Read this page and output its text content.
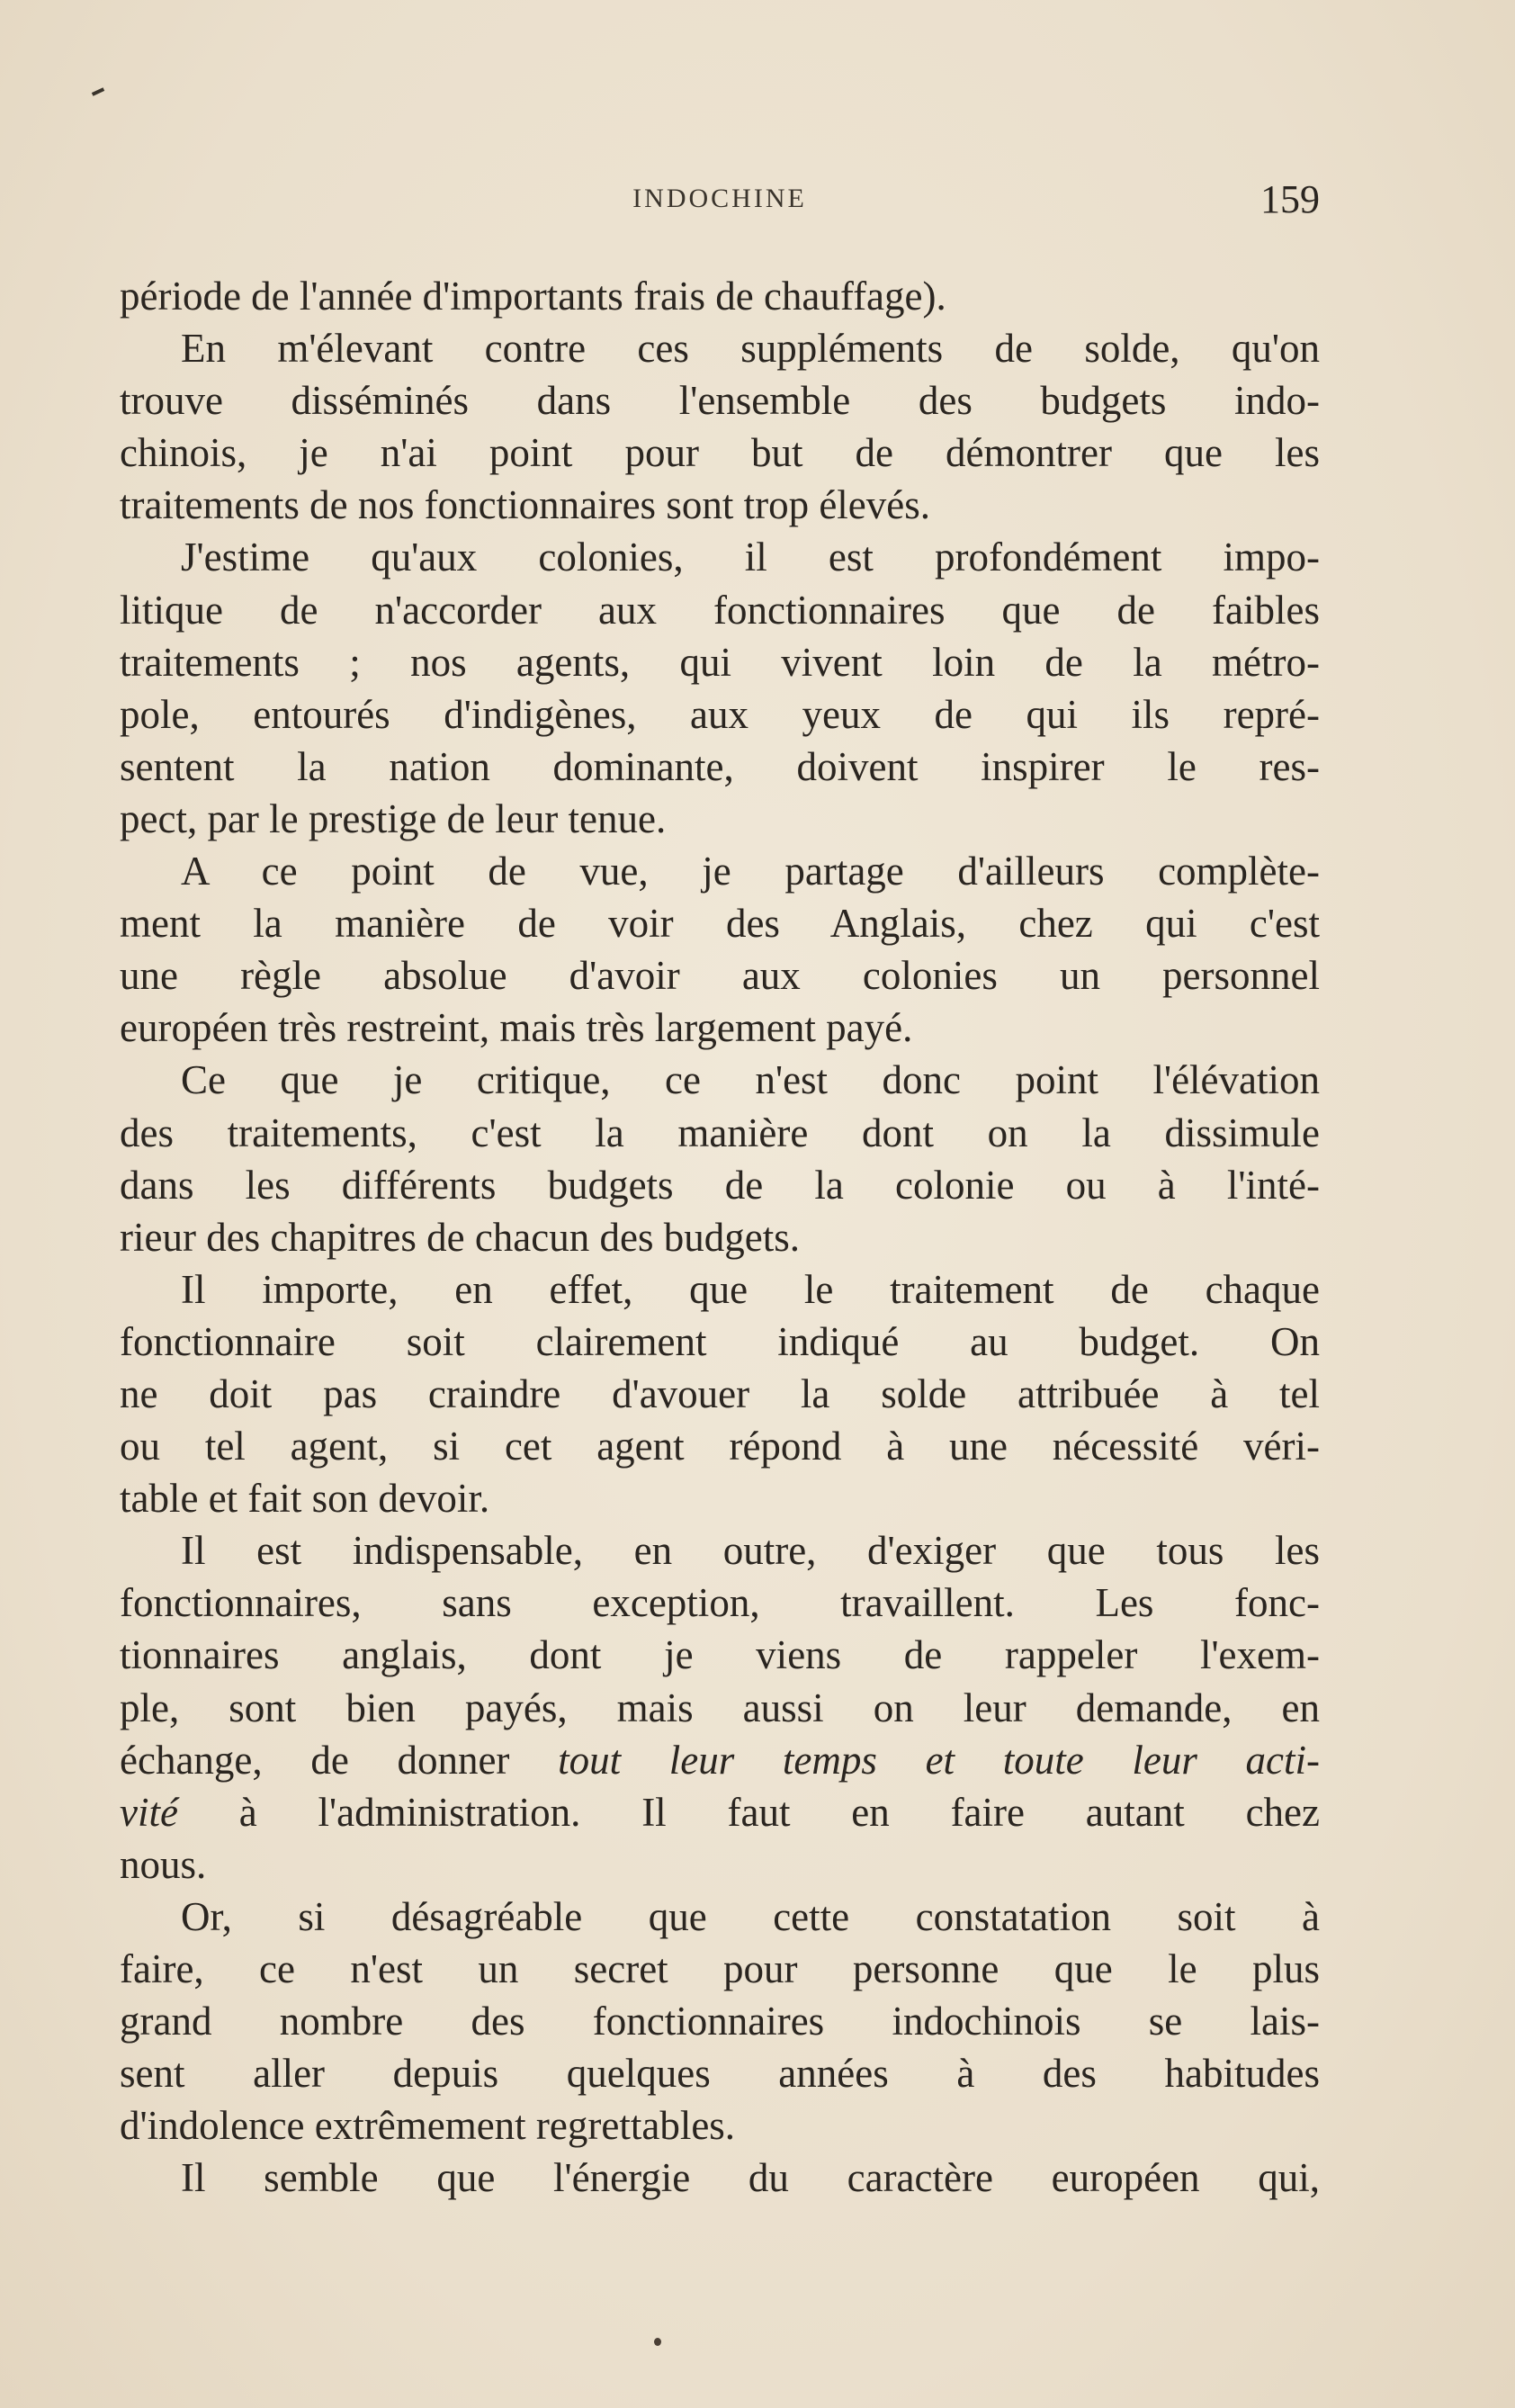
INDOCHINE	159
période de l'année d'importants frais de chauffage).
En m'élevant contre ces suppléments de solde, qu'on
trouve disséminés dans l'ensemble des budgets indo-
chinois, je n'ai point pour but de démontrer que les
traitements de nos fonctionnaires sont trop élevés.
J'estime qu'aux colonies, il est profondément impo-
litique de n'accorder aux fonctionnaires que de faibles
traitements ; nos agents, qui vivent loin de la métro-
pole, entourés d'indigènes, aux yeux de qui ils repré-
sentent la nation dominante, doivent inspirer le res-
pect, par le prestige de leur tenue.
A ce point de vue, je partage d'ailleurs complète-
ment la manière de voir des Anglais, chez qui c'est
une règle absolue d'avoir aux colonies un personnel
européen très restreint, mais très largement payé.
Ce que je critique, ce n'est donc point l'élévation
des traitements, c'est la manière dont on la dissimule
dans les différents budgets de la colonie ou à l'inté-
rieur des chapitres de chacun des budgets.
Il importe, en effet, que le traitement de chaque
fonctionnaire soit clairement indiqué au budget. On
ne doit pas craindre d'avouer la solde attribuée à tel
ou tel agent, si cet agent répond à une nécessité véri-
table et fait son devoir.
Il est indispensable, en outre, d'exiger que tous les
fonctionnaires, sans exception, travaillent. Les fonc-
tionnaires anglais, dont je viens de rappeler l'exem-
ple, sont bien payés, mais aussi on leur demande, en
échange, de donner tout leur temps et toute leur acti-
vité à l'administration. Il faut en faire autant chez
nous.
Or, si désagréable que cette constatation soit à
faire, ce n'est un secret pour personne que le plus
grand nombre des fonctionnaires indochinois se lais-
sent aller depuis quelques années à des habitudes
d'indolence extrêmement regrettables.
Il semble que l'énergie du caractère européen qui,
